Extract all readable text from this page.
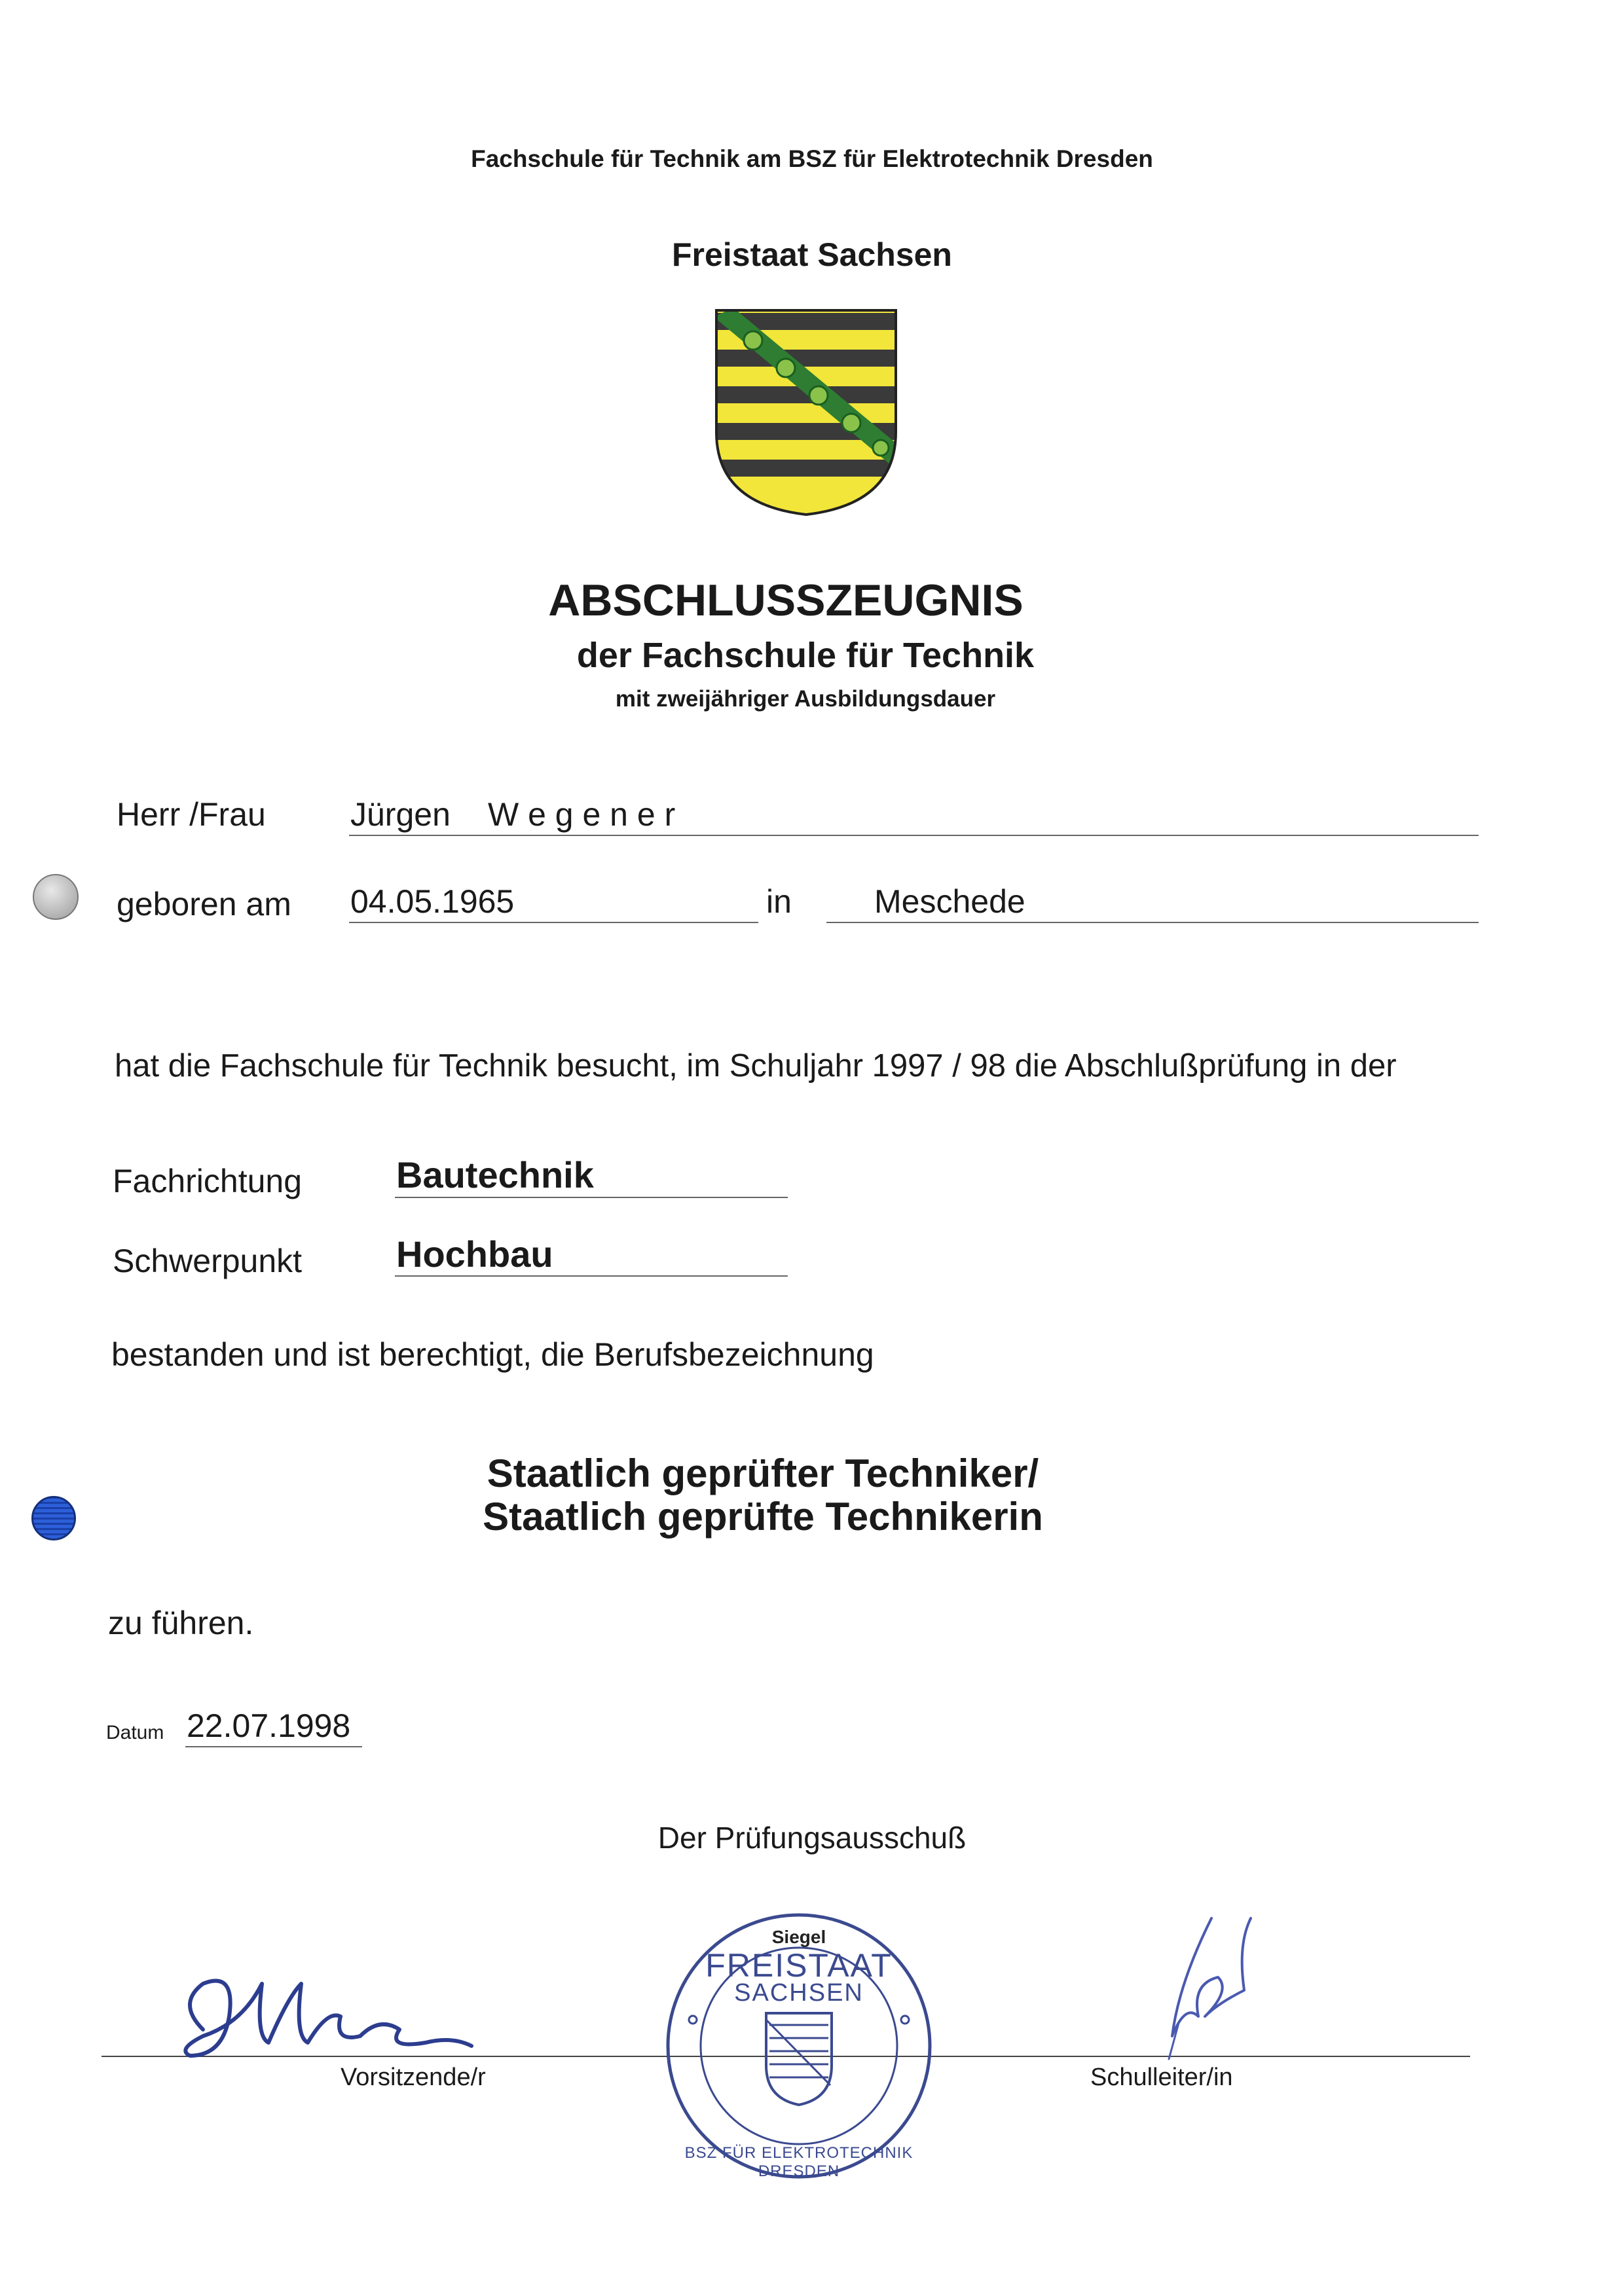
Fachschule für Technik am BSZ für Elektrotechnik Dresden
Freistaat Sachsen
ABSCHLUSSZEUGNIS
der Fachschule für Technik
mit zweijähriger Ausbildungsdauer
Herr /Frau	Jürgen W e g e n e r
geboren am 04.05.1965	in	Meschede
hat die Fachschule für Technik besucht, im Schuljahr 1997 / 98 die Abschlußprüfung in der
Fachrichtung	Bautechnik
Schwerpunkt	Hochbau
bestanden und ist berechtigt, die Berufsbezeichnung
Staatlich geprüfter Techniker/
Staatlich geprüfte Technikerin
zu führen.
Datum 22.07.1998
Der Prüfungsausschuß
Vorsitzende/r	Schulleiter/in
Siegel
FREISTAAT
SACHSEN
BSZ FÜR ELEKTROTECHNIK DRESDEN
